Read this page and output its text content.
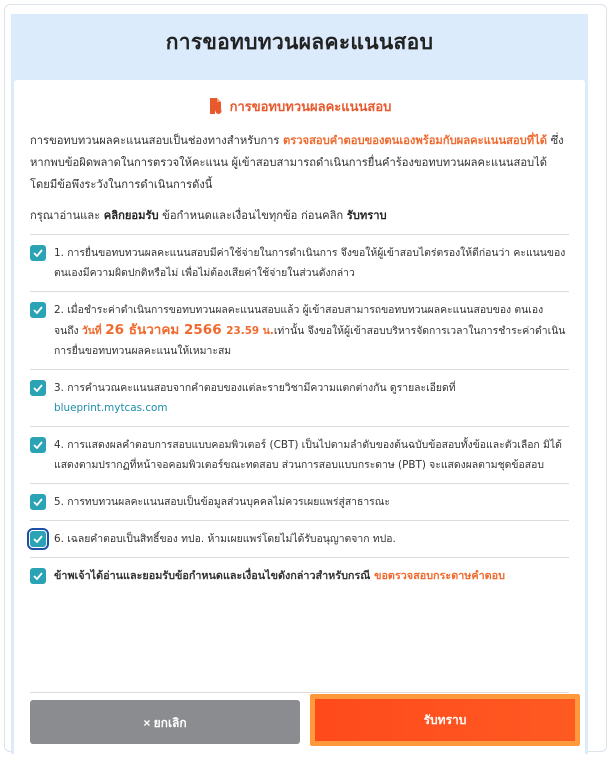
การขอทบทวนผลคะแนนสอบ
การขอทบทวนผลคะแนนสอบ
การขอทบทวนผลคะแนนสอบเป็นช่องทางสำหรับการ ตรวจสอบคำตอบของตนเองพร้อมกับผลคะแนนสอบที่ได้ ซึ่งหากพบข้อผิดพลาดในการตรวจให้คะแนน ผู้เข้าสอบสามารถดำเนินการยื่นคำร้องขอทบทวนผลคะแนนสอบได้ โดยมีข้อพึงระวังในการดำเนินการดังนี้
กรุณาอ่านและ คลิกยอมรับ ข้อกำหนดและเงื่อนไขทุกข้อ ก่อนคลิก รับทราบ
1. การยื่นขอทบทวนผลคะแนนสอบมีค่าใช้จ่ายในการดำเนินการ จึงขอให้ผู้เข้าสอบไตร่ตรองให้ดีก่อนว่า คะแนนของตนเองมีความผิดปกติหรือไม่ เพื่อไม่ต้องเสียค่าใช้จ่ายในส่วนดังกล่าว
2. เมื่อชำระค่าดำเนินการขอทบทวนผลคะแนนสอบแล้ว ผู้เข้าสอบสามารถขอทบทวนผลคะแนนสอบของ ตนเอง จนถึง วันที่ 26 ธันวาคม 2566 23.59 น.เท่านั้น จึงขอให้ผู้เข้าสอบบริหารจัดการเวลาในการชำระค่าดำเนินการยื่นขอทบทวนผลคะแนนให้เหมาะสม
3. การคำนวณคะแนนสอบจากคำตอบของแต่ละรายวิชามีความแตกต่างกัน ดูรายละเอียดที่
blueprint.mytcas.com
4. การแสดงผลคำตอบการสอบแบบคอมพิวเตอร์ (CBT) เป็นไปตามลำดับของต้นฉบับข้อสอบทั้งข้อและตัวเลือก มิได้แสดงตามปรากฏที่หน้าจอคอมพิวเตอร์ขณะทดสอบ ส่วนการสอบแบบกระดาษ (PBT) จะแสดงผลตามชุดข้อสอบ
5. การทบทวนผลคะแนนสอบเป็นข้อมูลส่วนบุคคลไม่ควรเผยแพร่สู่สาธารณะ
6. เฉลยคำตอบเป็นสิทธิ์ของ ทปอ. ห้ามเผยแพร่โดยไม่ได้รับอนุญาตจาก ทปอ.
ข้าพเจ้าได้อ่านและยอมรับข้อกำหนดและเงื่อนไขดังกล่าวสำหรับกรณี ขอตรวจสอบกระดาษคำตอบ
× ยกเลิก	รับทราบ
